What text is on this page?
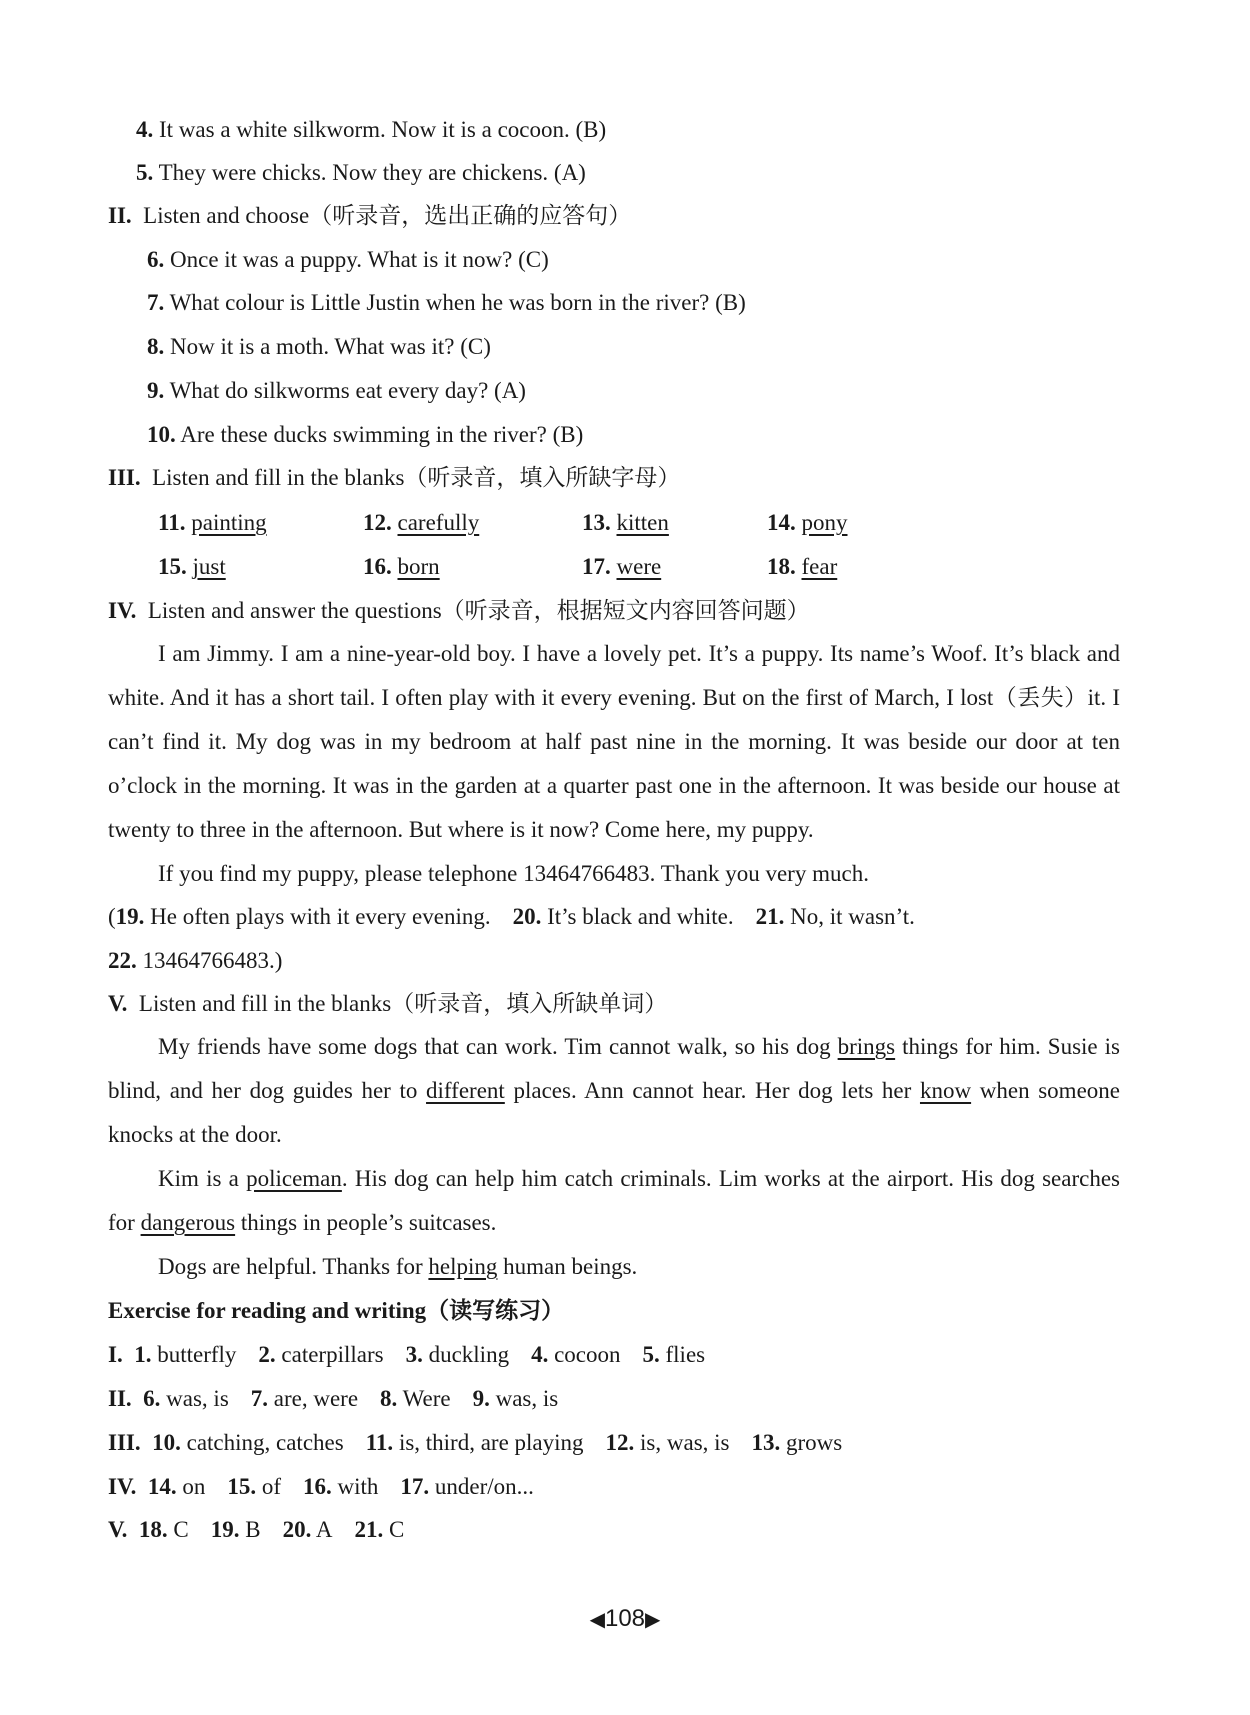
4. It was a white silkworm. Now it is a cocoon. (B)
5. They were chicks. Now they are chickens. (A)
II. Listen and choose（听录音，选出正确的应答句）
6. Once it was a puppy. What is it now? (C)
7. What colour is Little Justin when he was born in the river? (B)
8. Now it is a moth. What was it? (C)
9. What do silkworms eat every day? (A)
10. Are these ducks swimming in the river? (B)
III. Listen and fill in the blanks（听录音，填入所缺字母）
11. painting	12. carefully	13. kitten	14. pony
15. just	16. born	17. were	18. fear
IV. Listen and answer the questions（听录音，根据短文内容回答问题）

I am Jimmy. I am a nine-year-old boy. I have a lovely pet. It’s a puppy. Its name’s Woof. It’s black and white. And it has a short tail. I often play with it every evening. But on the first of March, I lost（丢失）it. I can’t find it. My dog was in my bedroom at half past nine in the morning. It was beside our door at ten o’clock in the morning. It was in the garden at a quarter past one in the afternoon. It was beside our house at twenty to three in the afternoon. But where is it now? Come here, my puppy.

If you find my puppy, please telephone 13464766483. Thank you very much.

(19. He often plays with it every evening. 20. It’s black and white. 21. No, it wasn’t.
22. 13464766483.)
V. Listen and fill in the blanks（听录音，填入所缺单词）

My friends have some dogs that can work. Tim cannot walk, so his dog brings things for him. Susie is blind, and her dog guides her to different places. Ann cannot hear. Her dog lets her know when someone knocks at the door.

Kim is a policeman. His dog can help him catch criminals. Lim works at the airport. His dog searches for dangerous things in people’s suitcases.

Dogs are helpful. Thanks for helping human beings.

Exercise for reading and writing（读写练习）
I. 1. butterfly 2. caterpillars 3. duckling 4. cocoon 5. flies
II. 6. was, is 7. are, were 8. Were 9. was, is
III. 10. catching, catches 11. is, third, are playing 12. is, was, is 13. grows
IV. 14. on 15. of 16. with 17. under/on...
V. 18. C 19. B 20. A 21. C
◀108▶
